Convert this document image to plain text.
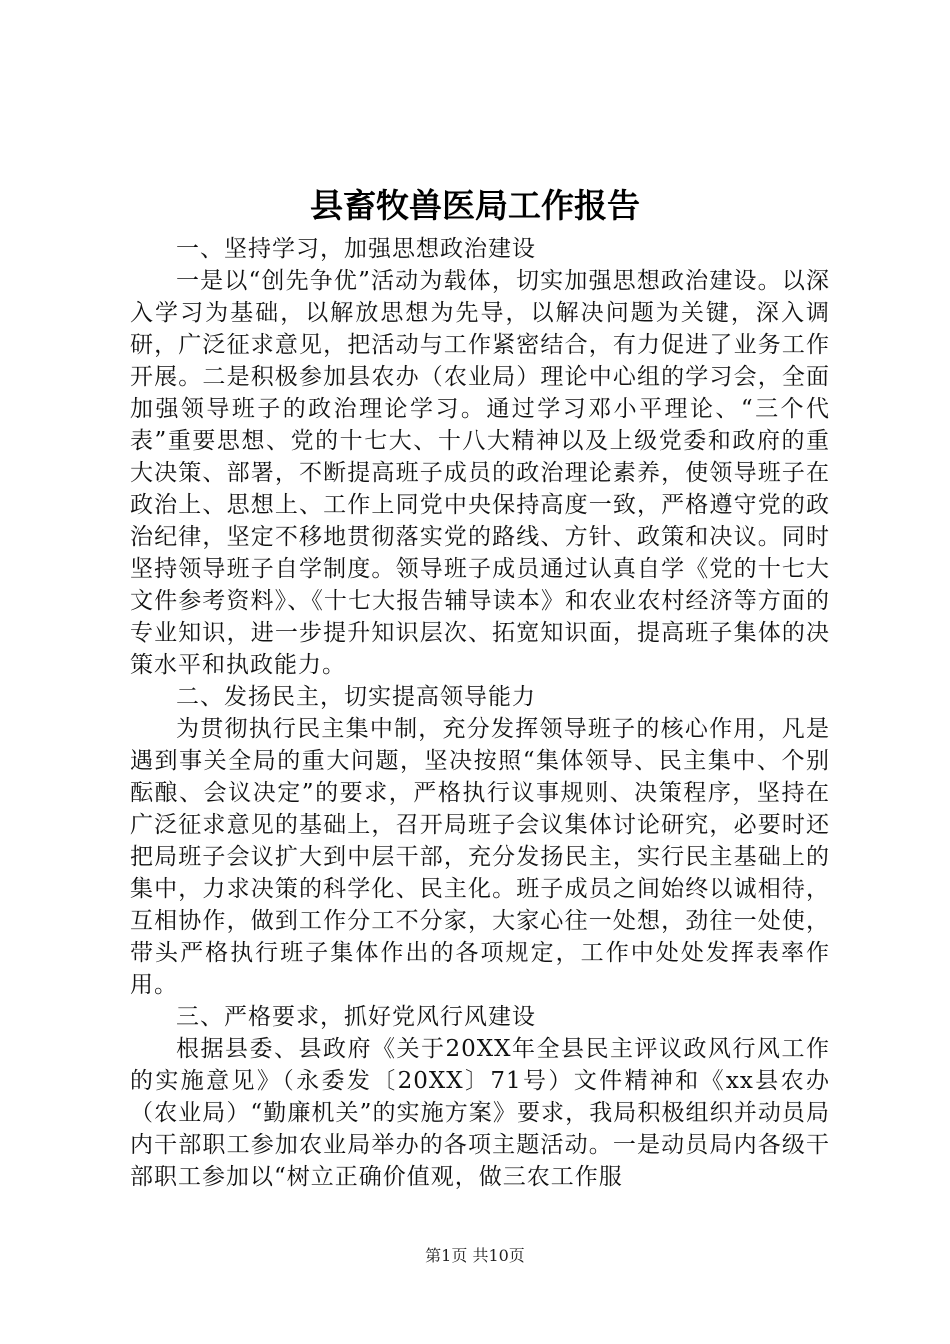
县畜牧兽医局工作报告

一、坚持学习，加强思想政治建设

一是以“创先争优”活动为载体，切实加强思想政治建设。以深入学习为基础，以解放思想为先导，以解决问题为关键，深入调研，广泛征求意见，把活动与工作紧密结合，有力促进了业务工作开展。二是积极参加县农办（农业局）理论中心组的学习会，全面加强领导班子的政治理论学习。通过学习邓小平理论、“三个代表”重要思想、党的十七大、十八大精神以及上级党委和政府的重大决策、部署，不断提高班子成员的政治理论素养，使领导班子在政治上、思想上、工作上同党中央保持高度一致，严格遵守党的政治纪律，坚定不移地贯彻落实党的路线、方针、政策和决议。同时坚持领导班子自学制度。领导班子成员通过认真自学《党的十七大文件参考资料》、《十七大报告辅导读本》和农业农村经济等方面的专业知识，进一步提升知识层次、拓宽知识面，提高班子集体的决策水平和执政能力。

二、发扬民主，切实提高领导能力

为贯彻执行民主集中制，充分发挥领导班子的核心作用，凡是遇到事关全局的重大问题，坚决按照“集体领导、民主集中、个别酝酿、会议决定”的要求，严格执行议事规则、决策程序，坚持在广泛征求意见的基础上，召开局班子会议集体讨论研究，必要时还把局班子会议扩大到中层干部，充分发扬民主，实行民主基础上的集中，力求决策的科学化、民主化。班子成员之间始终以诚相待，互相协作，做到工作分工不分家，大家心往一处想，劲往一处使，带头严格执行班子集体作出的各项规定，工作中处处发挥表率作用。

三、严格要求，抓好党风行风建设

根据县委、县政府《关于20XX年全县民主评议政风行风工作的实施意见》（永委发〔20XX〕71号）文件精神和《xx县农办（农业局）“勤廉机关”的实施方案》要求，我局积极组织并动员局内干部职工参加农业局举办的各项主题活动。一是动员局内各级干部职工参加以“树立正确价值观，做三农工作服

第1页 共10页
